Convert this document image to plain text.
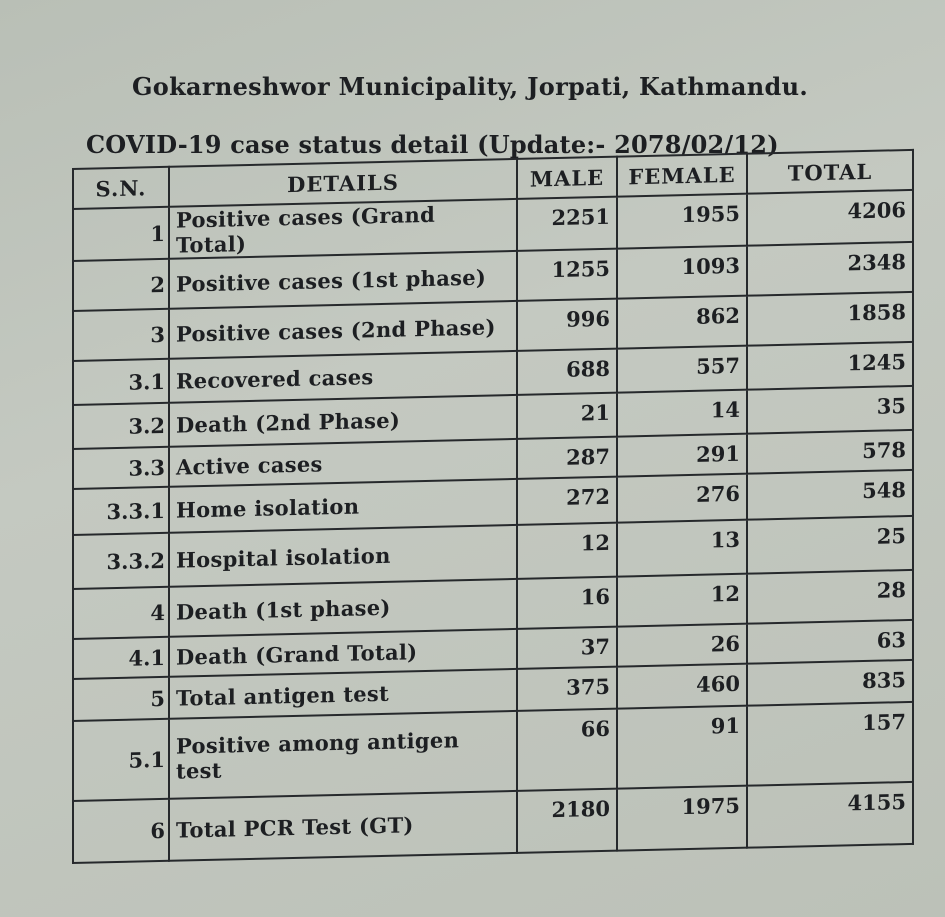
Gokarneshwor Municipality, Jorpati, Kathmandu.
COVID-19 case status detail (Update:- 2078/02/12)
S.N.	DETAILS	MALE	FEMALE	TOTAL
1	Positive cases (Grand Total)	2251	1955	4206
2	Positive cases (1st phase)	1255	1093	2348
3	Positive cases (2nd Phase)	996	862	1858
3.1	Recovered cases	688	557	1245
3.2	Death (2nd Phase)	21	14	35
3.3	Active cases	287	291	578
3.3.1	Home isolation	272	276	548
3.3.2	Hospital isolation	12	13	25
4	Death (1st phase)	16	12	28
4.1	Death (Grand Total)	37	26	63
5	Total antigen test	375	460	835
5.1	Positive among antigen test	66	91	157
6	Total PCR Test (GT)	2180	1975	4155
